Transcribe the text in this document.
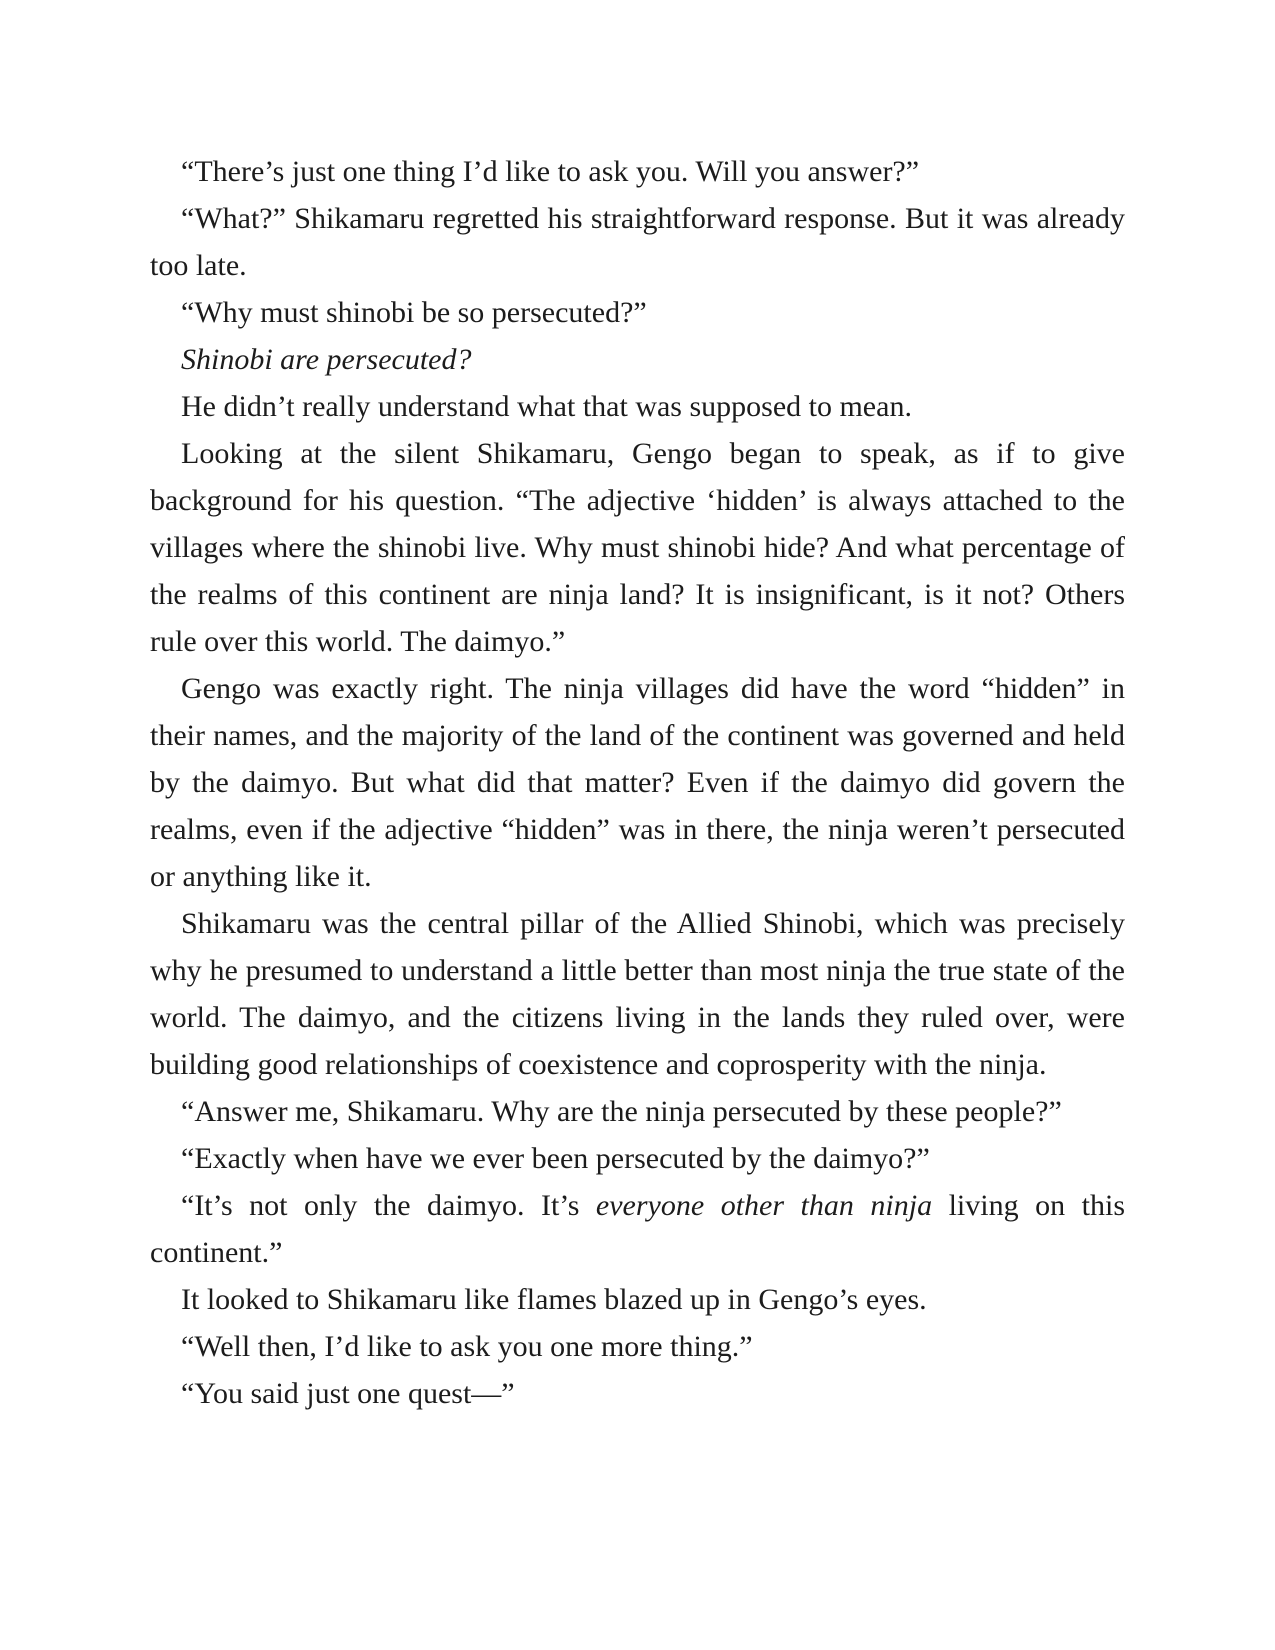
“There’s just one thing I’d like to ask you. Will you answer?”

“What?” Shikamaru regretted his straightforward response. But it was already too late.

“Why must shinobi be so persecuted?”

Shinobi are persecuted?

He didn’t really understand what that was supposed to mean.

Looking at the silent Shikamaru, Gengo began to speak, as if to give background for his question. “The adjective ‘hidden’ is always attached to the villages where the shinobi live. Why must shinobi hide? And what percentage of the realms of this continent are ninja land? It is insignificant, is it not? Others rule over this world. The daimyo.”

Gengo was exactly right. The ninja villages did have the word “hidden” in their names, and the majority of the land of the continent was governed and held by the daimyo. But what did that matter? Even if the daimyo did govern the realms, even if the adjective “hidden” was in there, the ninja weren’t persecuted or anything like it.

Shikamaru was the central pillar of the Allied Shinobi, which was precisely why he presumed to understand a little better than most ninja the true state of the world. The daimyo, and the citizens living in the lands they ruled over, were building good relationships of coexistence and coprosperity with the ninja.

“Answer me, Shikamaru. Why are the ninja persecuted by these people?”

“Exactly when have we ever been persecuted by the daimyo?”

“It’s not only the daimyo. It’s everyone other than ninja living on this continent.”

It looked to Shikamaru like flames blazed up in Gengo’s eyes.

“Well then, I’d like to ask you one more thing.”

“You said just one quest—”
